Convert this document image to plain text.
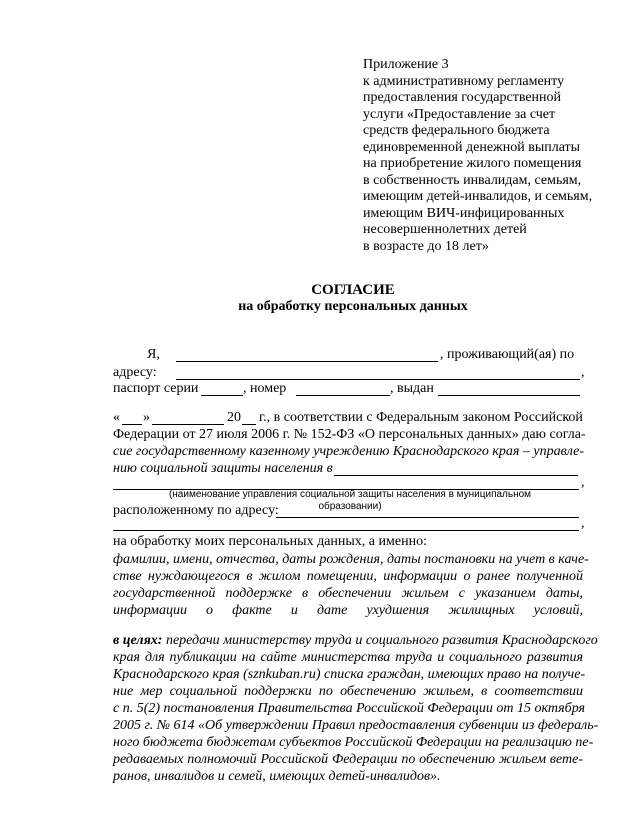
Приложение 3
к административному регламенту
предоставления государственной
услуги «Предоставление за счет
средств федерального бюджета
единовременной денежной выплаты
на приобретение жилого помещения
в собственность инвалидам, семьям,
имеющим детей-инвалидов, и семьям,
имеющим ВИЧ-инфицированных
несовершеннолетних детей
в возрасте до 18 лет»
СОГЛАСИЕ
на обработку персональных данных
Я,	, проживающий(ая) по
адресу:	,
паспорт серии	, номер	, выдан
« »	20 г., в соответствии с Федеральным законом Российской
Федерации от 27 июля 2006 г. № 152-ФЗ «О персональных данных» даю согла-
сие государственному казенному учреждению Краснодарского края – управле-
нию социальной защиты населения в
,
(наименование управления социальной защиты населения в муниципальном образовании)
расположенному по адресу:
,
на обработку моих персональных данных, а именно:
фамилии, имени, отчества, даты рождения, даты постановки на учет в каче-
стве нуждающегося в жилом помещении, информации о ранее полученной
государственной поддержке в обеспечении жильем с указанием даты,
информации о факте и дате ухудшения жилищных условий,
в целях: передачи министерству труда и социального развития Краснодарского
края для публикации на сайте министерства труда и социального развития
Краснодарского края (sznkuban.ru) списка граждан, имеющих право на получе-
ние мер социальной поддержки по обеспечению жильем, в соответствии
с п. 5(2) постановления Правительства Российской Федерации от 15 октября
2005 г. № 614 «Об утверждении Правил предоставления субвенции из федераль-
ного бюджета бюджетам субъектов Российской Федерации на реализацию пе-
редаваемых полномочий Российской Федерации по обеспечению жильем вете-
ранов, инвалидов и семей, имеющих детей-инвалидов».
